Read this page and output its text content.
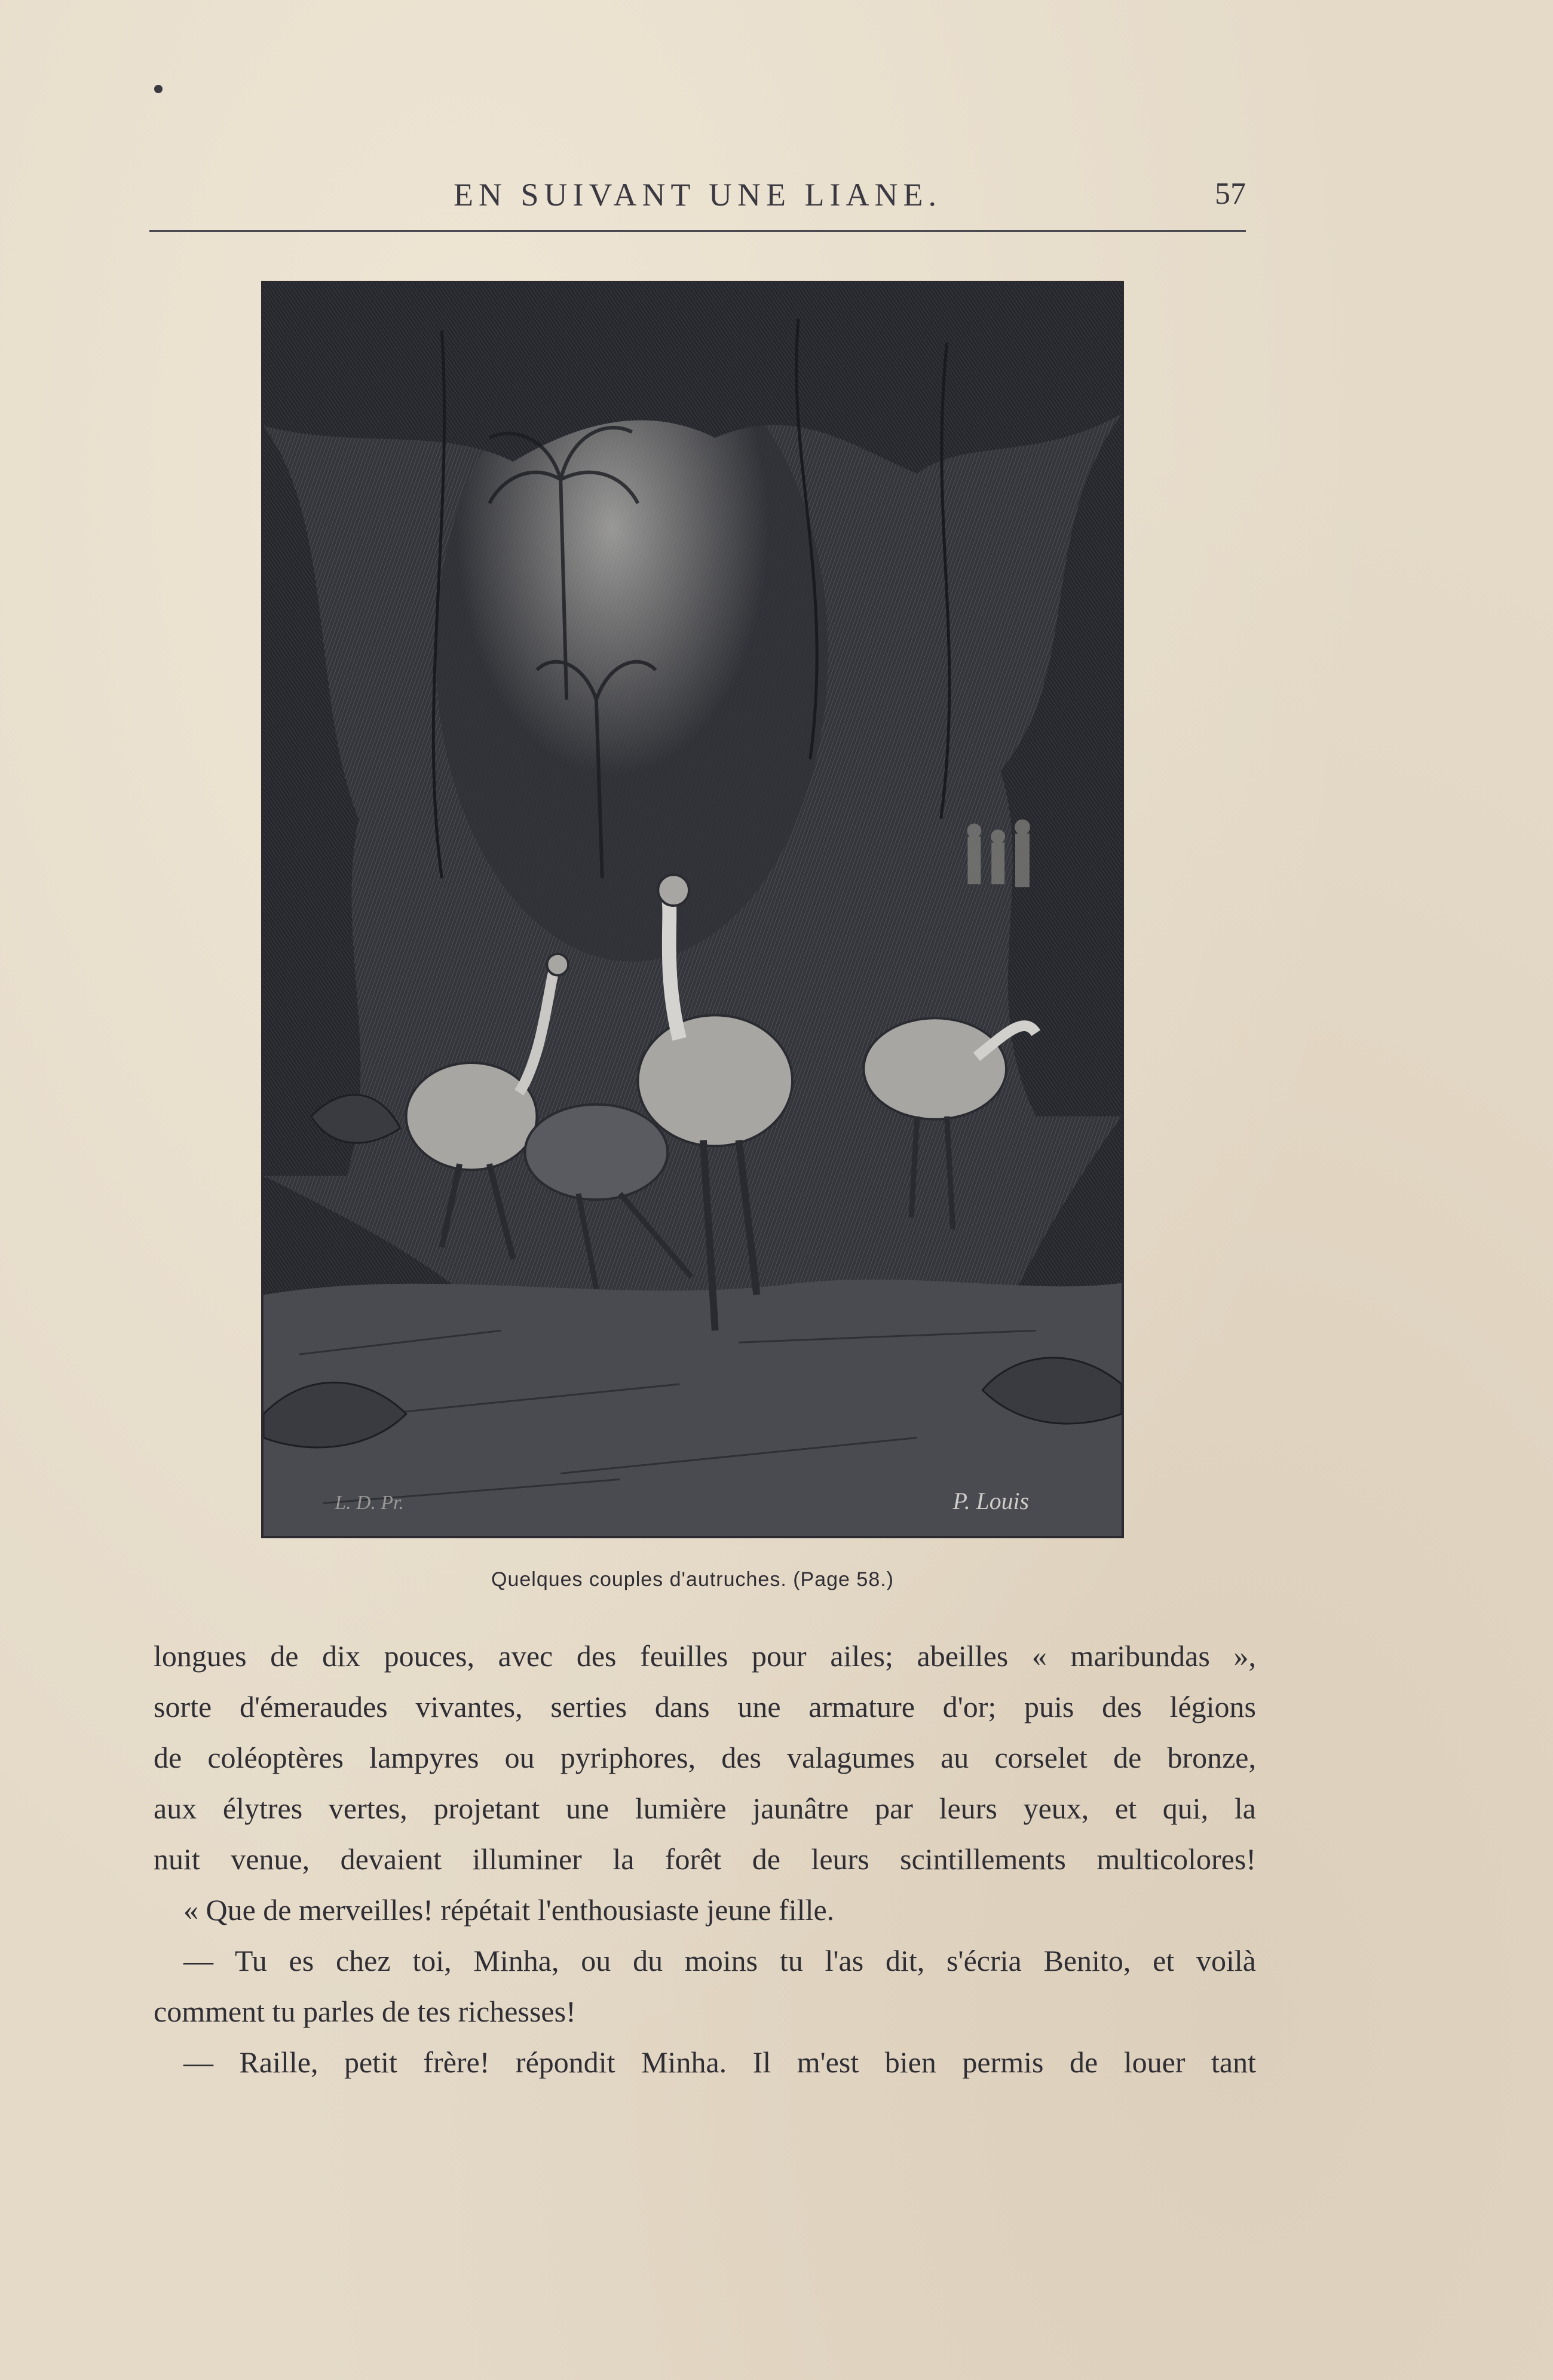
EN SUIVANT UNE LIANE.	57
P. Louis
L. D. Pr.
Quelques couples d'autruches. (Page 58.)
longues de dix pouces, avec des feuilles pour ailes; abeilles « maribundas »,
sorte d'émeraudes vivantes, serties dans une armature d'or; puis des légions
de coléoptères lampyres ou pyriphores, des valagumes au corselet de bronze,
aux élytres vertes, projetant une lumière jaunâtre par leurs yeux, et qui, la
nuit venue, devaient illuminer la forêt de leurs scintillements multicolores!
« Que de merveilles! répétait l'enthousiaste jeune fille.
— Tu es chez toi, Minha, ou du moins tu l'as dit, s'écria Benito, et voilà
comment tu parles de tes richesses!
— Raille, petit frère! répondit Minha. Il m'est bien permis de louer tant
